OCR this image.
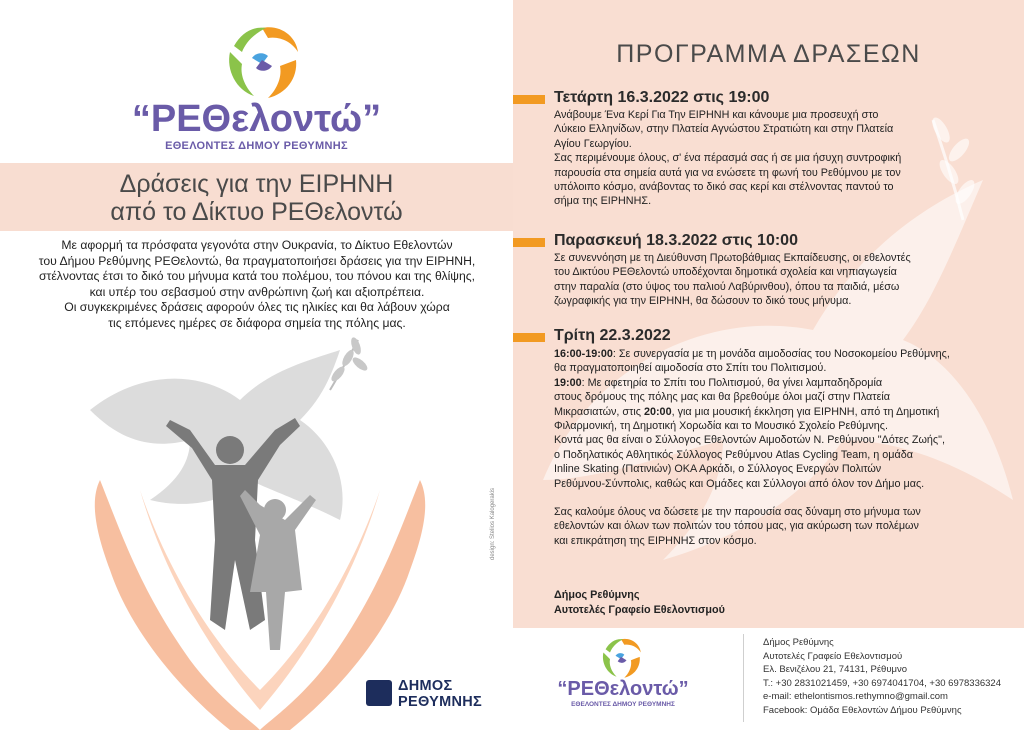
“ΡΕΘελοντώ”
ΕΘΕΛΟΝΤΕΣ ΔΗΜΟΥ ΡΕΘΥΜΝΗΣ
Δράσεις για την ΕΙΡΗΝΗ
από το Δίκτυο ΡΕΘελοντώ
Με αφορμή τα πρόσφατα γεγονότα στην Ουκρανία, το Δίκτυο Εθελοντών
του Δήμου Ρεθύμνης ΡΕΘελοντώ, θα πραγματοποιήσει δράσεις για την ΕΙΡΗΝΗ,
στέλνοντας έτσι το δικό του μήνυμα κατά του πολέμου, του πόνου και της θλίψης,
και υπέρ του σεβασμού στην ανθρώπινη ζωή και αξιοπρέπεια.
Οι συγκεκριμένες δράσεις αφορούν όλες τις ηλικίες και θα λάβουν χώρα
τις επόμενες ημέρες σε διάφορα σημεία της πόλης μας.
design: Stelios Kalogerakis
ΔΗΜΟΣ
ΡΕΘΥΜΝΗΣ
ΠΡΟΓΡΑΜΜΑ ΔΡΑΣΕΩΝ
Τετάρτη 16.3.2022 στις 19:00
Ανάβουμε Ένα Κερί Για Την ΕΙΡΗΝΗ και κάνουμε μια προσευχή στο
Λύκειο Ελληνίδων, στην Πλατεία Αγνώστου Στρατιώτη και στην Πλατεία
Αγίου Γεωργίου.
Σας περιμένουμε όλους, σ' ένα πέρασμά σας ή σε μια ήσυχη συντροφική
παρουσία στα σημεία αυτά για να ενώσετε τη φωνή του Ρεθύμνου με τον
υπόλοιπο κόσμο, ανάβοντας το δικό σας κερί και στέλνοντας παντού το
σήμα της ΕΙΡΗΝΗΣ.
Παρασκευή 18.3.2022 στις 10:00
Σε συνεννόηση με τη Διεύθυνση Πρωτοβάθμιας Εκπαίδευσης, οι εθελοντές
του Δικτύου ΡΕΘελοντώ υποδέχονται δημοτικά σχολεία και νηπιαγωγεία
στην παραλία (στο ύψος του παλιού Λαβύρινθου), όπου τα παιδιά, μέσω
ζωγραφικής για την ΕΙΡΗΝΗ, θα δώσουν το δικό τους μήνυμα.
Τρίτη 22.3.2022
16:00-19:00: Σε συνεργασία με τη μονάδα αιμοδοσίας του Νοσοκομείου Ρεθύμνης,
θα πραγματοποιηθεί αιμοδοσία στο Σπίτι του Πολιτισμού.
19:00: Με αφετηρία το Σπίτι του Πολιτισμού, θα γίνει λαμπαδηδρομία
στους δρόμους της πόλης μας και θα βρεθούμε όλοι μαζί στην Πλατεία
Μικρασιατών, στις 20:00, για μια μουσική έκκληση για ΕΙΡΗΝΗ, από τη Δημοτική
Φιλαρμονική, τη Δημοτική Χορωδία και το Μουσικό Σχολείο Ρεθύμνης.
Κοντά μας θα είναι ο Σύλλογος Εθελοντών Αιμοδοτών Ν. Ρεθύμνου "Δότες Ζωής",
ο Ποδηλατικός Αθλητικός Σύλλογος Ρεθύμνου Atlas Cycling Team, η ομάδα
Inline Skating (Πατινιών) ΟΚΑ Αρκάδι, ο Σύλλογος Ενεργών Πολιτών
Ρεθύμνου-Σύνπολις, καθώς και Ομάδες και Σύλλογοι από όλον τον Δήμο μας.
Σας καλούμε όλους να δώσετε με την παρουσία σας δύναμη στο μήνυμα των
εθελοντών και όλων των πολιτών του τόπου μας, για ακύρωση των πολέμων
και επικράτηση της ΕΙΡΗΝΗΣ στον κόσμο.
Δήμος Ρεθύμνης
Αυτοτελές Γραφείο Εθελοντισμού
“ΡΕΘελοντώ”
ΕΘΕΛΟΝΤΕΣ ΔΗΜΟΥ ΡΕΘΥΜΝΗΣ
Δήμος Ρεθύμνης
Αυτοτελές Γραφείο Εθελοντισμού
Ελ. Βενιζέλου 21, 74131, Ρέθυμνο
Τ.: +30 2831021459, +30 6974041704, +30 6978336324
e-mail: ethelontismos.rethymno@gmail.com
Facebook: Ομάδα Εθελοντών Δήμου Ρεθύμνης
